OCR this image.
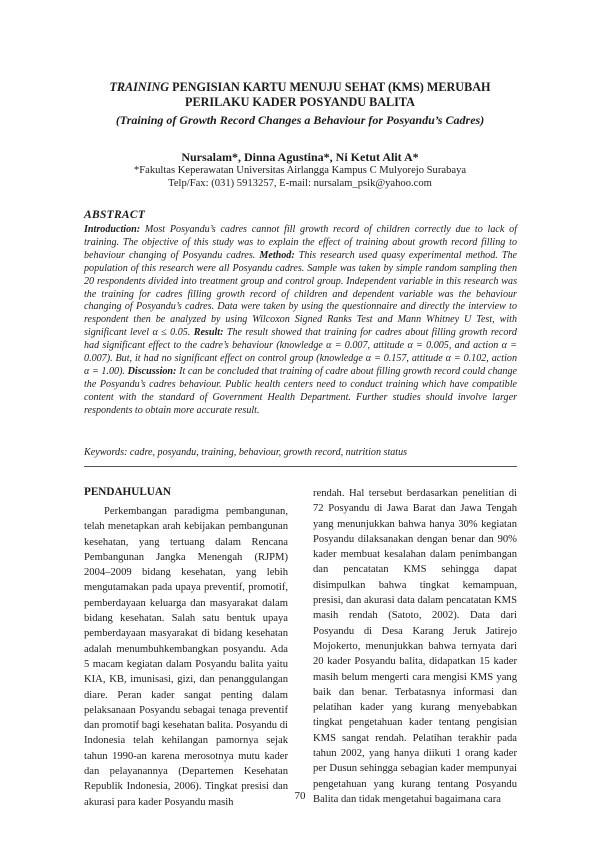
TRAINING PENGISIAN KARTU MENUJU SEHAT (KMS) MERUBAH PERILAKU KADER POSYANDU BALITA
(Training of Growth Record Changes a Behaviour for Posyandu’s Cadres)
Nursalam*, Dinna Agustina*, Ni Ketut Alit A*
*Fakultas Keperawatan Universitas Airlangga Kampus C Mulyorejo Surabaya
Telp/Fax: (031) 5913257, E-mail: nursalam_psik@yahoo.com
ABSTRACT
Introduction: Most Posyandu’s cadres cannot fill growth record of children correctly due to lack of training. The objective of this study was to explain the effect of training about growth record filling to behaviour changing of Posyandu cadres. Method: This research used quasy experimental method. The population of this research were all Posyandu cadres. Sample was taken by simple random sampling then 20 respondents divided into treatment group and control group. Independent variable in this research was the training for cadres filling growth record of children and dependent variable was the behaviour changing of Posyandu’s cadres. Data were taken by using the questionnaire and directly the interview to respondent then be analyzed by using Wilcoxon Signed Ranks Test and Mann Whitney U Test, with significant level α ≤ 0.05. Result: The result showed that training for cadres about filling growth record had significant effect to the cadre’s behaviour (knowledge α = 0.007, attitude α = 0.005, and action α = 0.007). But, it had no significant effect on control group (knowledge α = 0.157, attitude α = 0.102, action α = 1.00). Discussion: It can be concluded that training of cadre about filling growth record could change the Posyandu’s cadres behaviour. Public health centers need to conduct training which have compatible content with the standard of Government Health Department. Further studies should involve larger respondents to obtain more accurate result.
Keywords: cadre, posyandu, training, behaviour, growth record, nutrition status
PENDAHULUAN
Perkembangan paradigma pembangunan, telah menetapkan arah kebijakan pembangunan kesehatan, yang tertuang dalam Rencana Pembangunan Jangka Menengah (RJPM) 2004–2009 bidang kesehatan, yang lebih mengutamakan pada upaya preventif, promotif, pemberdayaan keluarga dan masyarakat dalam bidang kesehatan. Salah satu bentuk upaya pemberdayaan masyarakat di bidang kesehatan adalah menumbuhkembangkan posyandu. Ada 5 macam kegiatan dalam Posyandu balita yaitu KIA, KB, imunisasi, gizi, dan penanggulangan diare. Peran kader sangat penting dalam pelaksanaan Posyandu sebagai tenaga preventif dan promotif bagi kesehatan balita. Posyandu di Indonesia telah kehilangan pamornya sejak tahun 1990-an karena merosotnya mutu kader dan pelayanannya (Departemen Kesehatan Republik Indonesia, 2006). Tingkat presisi dan akurasi para kader Posyandu masih
rendah. Hal tersebut berdasarkan penelitian di 72 Posyandu di Jawa Barat dan Jawa Tengah yang menunjukkan bahwa hanya 30% kegiatan Posyandu dilaksanakan dengan benar dan 90% kader membuat kesalahan dalam penimbangan dan pencatatan KMS sehingga dapat disimpulkan bahwa tingkat kemampuan, presisi, dan akurasi data dalam pencatatan KMS masih rendah (Satoto, 2002). Data dari Posyandu di Desa Karang Jeruk Jatirejo Mojokerto, menunjukkan bahwa ternyata dari 20 kader Posyandu balita, didapatkan 15 kader masih belum mengerti cara mengisi KMS yang baik dan benar. Terbatasnya informasi dan pelatihan kader yang kurang menyebabkan tingkat pengetahuan kader tentang pengisian KMS sangat rendah. Pelatihan terakhir pada tahun 2002, yang hanya diikuti 1 orang kader per Dusun sehingga sebagian kader mempunyai pengetahuan yang kurang tentang Posyandu Balita dan tidak mengetahui bagaimana cara
70
